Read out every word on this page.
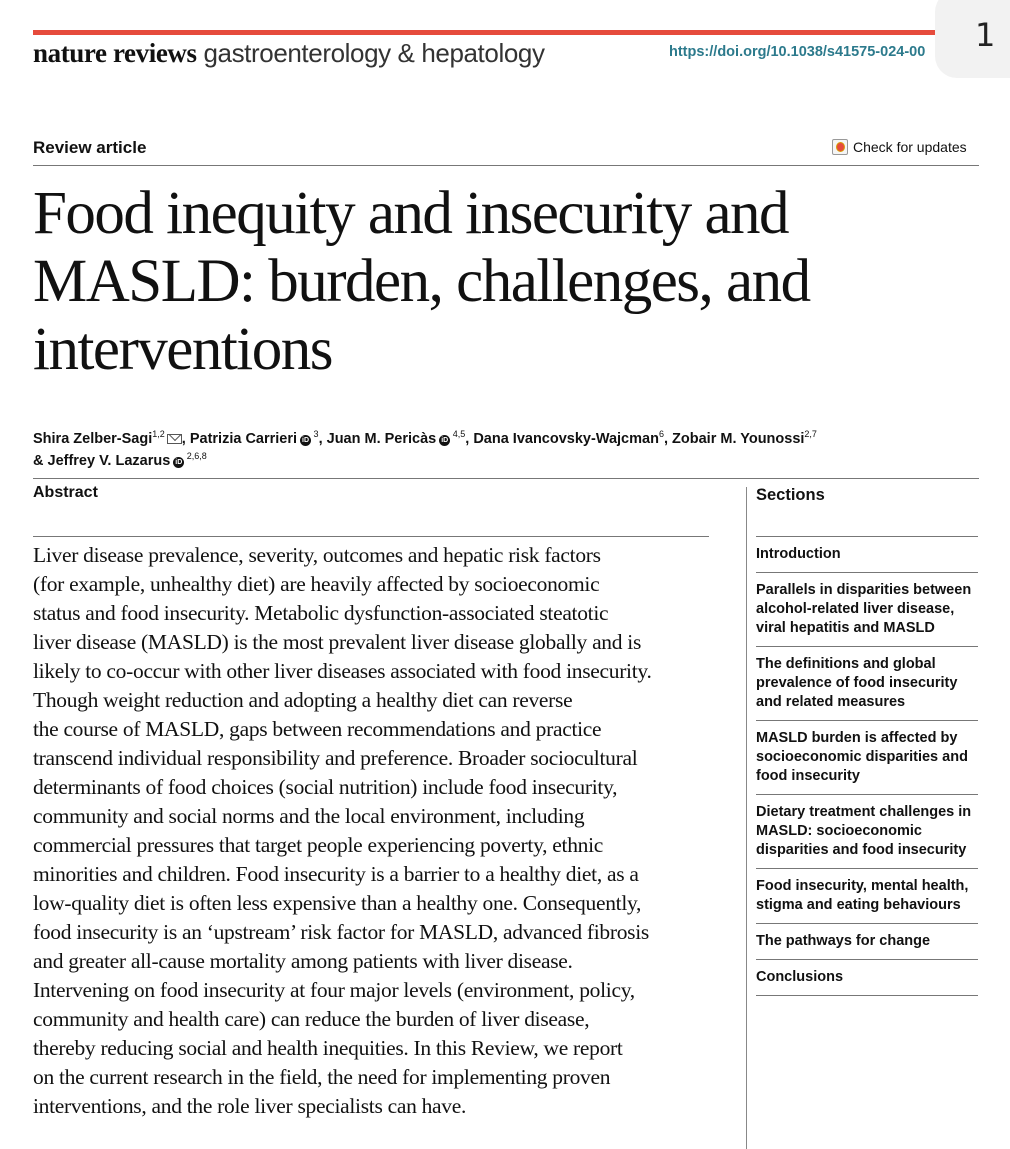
1
nature reviews gastroenterology & hepatology	https://doi.org/10.1038/s41575-024-00
Review article	Check for updates
Food inequity and insecurity and MASLD: burden, challenges, and interventions
Shira Zelber-Sagi$^{1,2}$ , Patrizia Carrieri iD $^3$, Juan M. Pericàs iD $^{4,5}$, Dana Ivancovsky-Wajcman$^6$, Zobair M. Younossi$^{2,7}$
& Jeffrey V. Lazarus iD $^{2,6,8}$
Abstract

Liver disease prevalence, severity, outcomes and hepatic risk factors
(for example, unhealthy diet) are heavily affected by socioeconomic
status and food insecurity. Metabolic dysfunction-associated steatotic
liver disease (MASLD) is the most prevalent liver disease globally and is
likely to co-occur with other liver diseases associated with food insecurity.
Though weight reduction and adopting a healthy diet can reverse
the course of MASLD, gaps between recommendations and practice
transcend individual responsibility and preference. Broader sociocultural
determinants of food choices (social nutrition) include food insecurity,
community and social norms and the local environment, including
commercial pressures that target people experiencing poverty, ethnic
minorities and children. Food insecurity is a barrier to a healthy diet, as a
low-quality diet is often less expensive than a healthy one. Consequently,
food insecurity is an ‘upstream’ risk factor for MASLD, advanced fibrosis
and greater all-cause mortality among patients with liver disease.
Intervening on food insecurity at four major levels (environment, policy,
community and health care) can reduce the burden of liver disease,
thereby reducing social and health inequities. In this Review, we report
on the current research in the field, the need for implementing proven
interventions, and the role liver specialists can have.

Sections
Introduction
Parallels in disparities between alcohol-related liver disease, viral hepatitis and MASLD
The definitions and global prevalence of food insecurity and related measures
MASLD burden is affected by socioeconomic disparities and food insecurity
Dietary treatment challenges in MASLD: socioeconomic disparities and food insecurity
Food insecurity, mental health, stigma and eating behaviours
The pathways for change
Conclusions
